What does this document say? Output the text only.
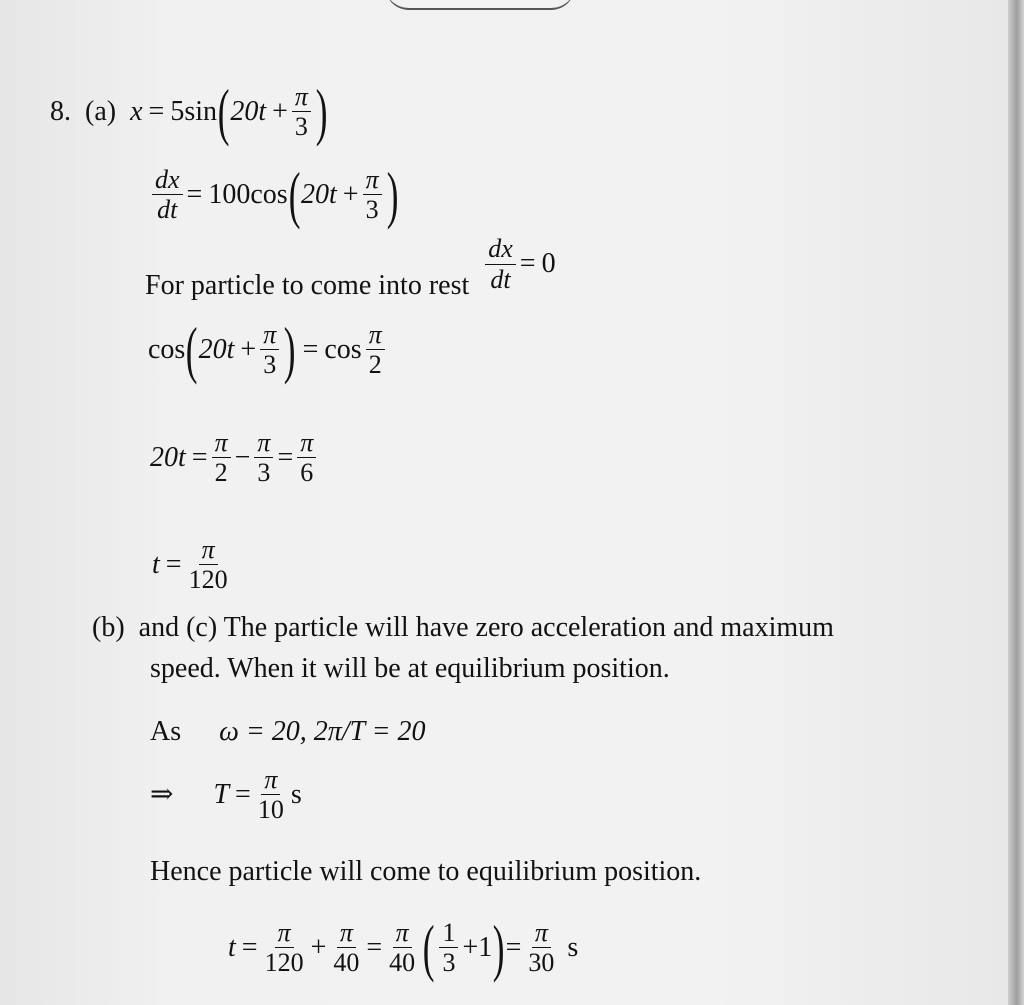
8. (a) x = 5sin ( $20t + \frac{\pi}{3}$ )
$\frac{dx}{dt} = 100\cos$ ( $20t + \frac{\pi}{3}$ )
For particle to come into rest $\frac{dx}{dt} = 0$
cos ( $20t + \frac{\pi}{3}$ ) = $\cos \frac{\pi}{2}$
$20t = \frac{\pi}{2} - \frac{\pi}{3} = \frac{\pi}{6}$
$t = \frac{\pi}{120}$
(b) and (c) The particle will have zero acceleration and maximum
speed. When it will be at equilibrium position.
As ω = 20, 2π/T = 20
⇒ $T = \frac{\pi}{10}$ s
Hence particle will come to equilibrium position.
$t = \frac{\pi}{120} + \frac{\pi}{40} = \frac{\pi}{40}$ ( $\frac{1}{3} +1$ ) = $\frac{\pi}{30}$ s
